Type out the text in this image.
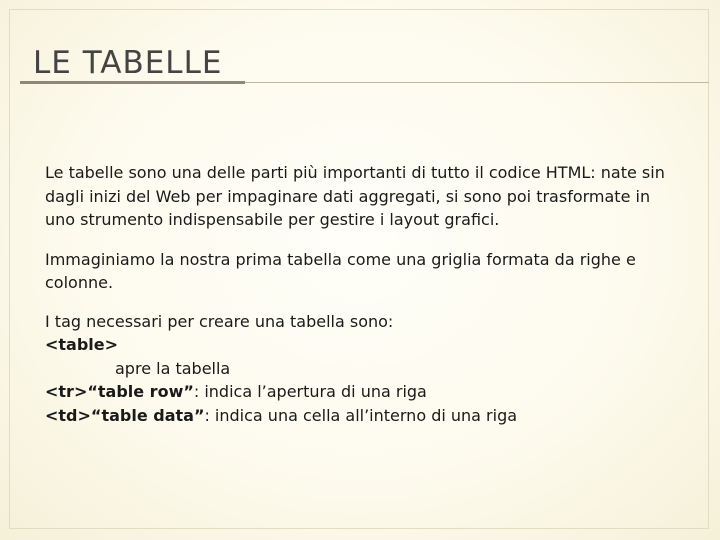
LE TABELLE

Le tabelle sono una delle parti più importanti di tutto il codice HTML: nate sin dagli inizi del Web per impaginare dati aggregati, si sono poi trasformate in uno strumento indispensabile per gestire i layout grafici.

Immaginiamo la nostra prima tabella come una griglia formata da righe e colonne.

I tag necessari per creare una tabella sono:
<table>
apre la tabella
<tr>“table row”: indica l’apertura di una riga
<td>“table data”: indica una cella all’interno di una riga
